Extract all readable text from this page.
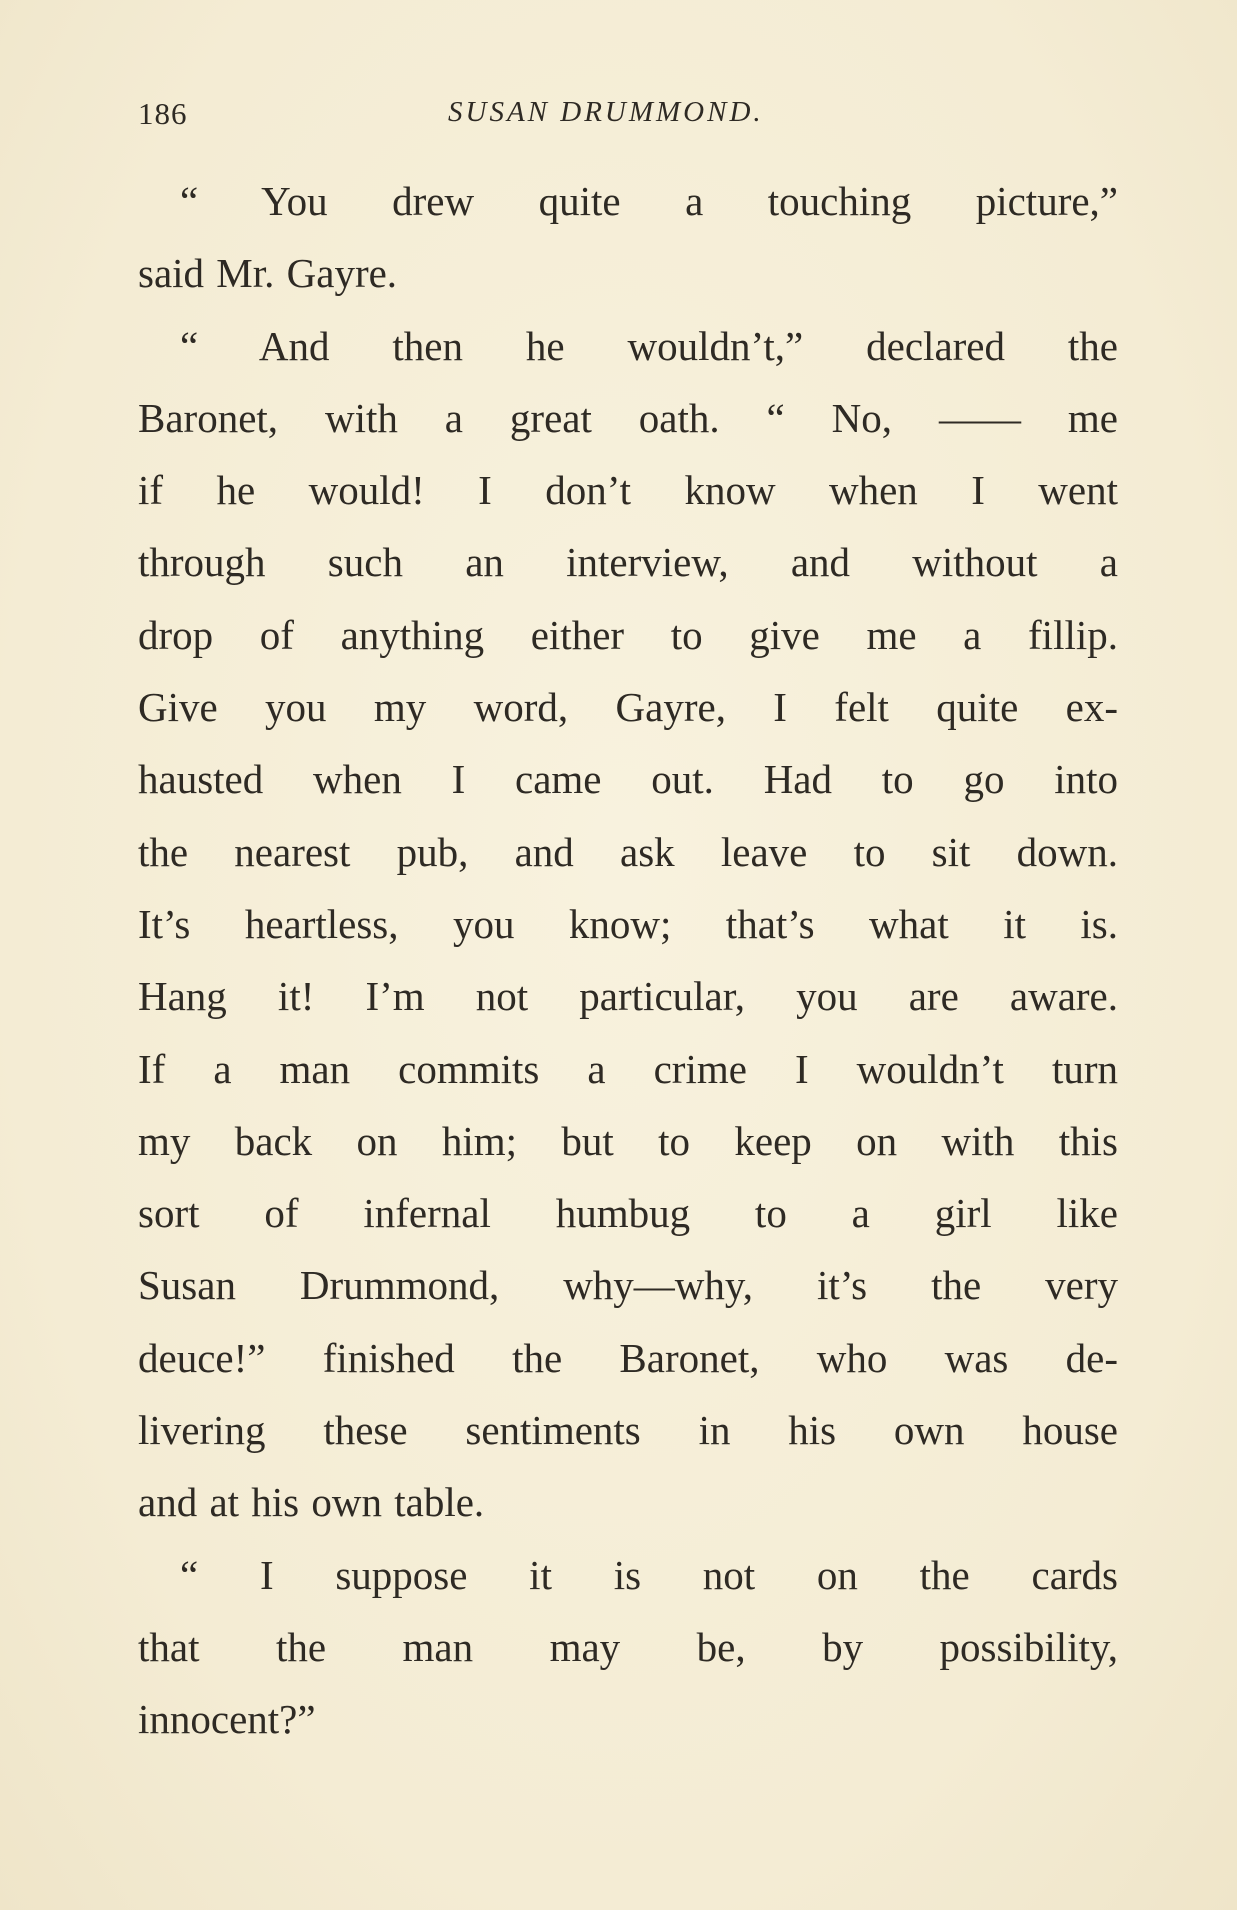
186	SUSAN DRUMMOND.
“ You drew quite a touching picture,”
said Mr. Gayre.
“ And then he wouldn’t,” declared the
Baronet, with a great oath. “ No, —— me
if he would! I don’t know when I went
through such an interview, and without a
drop of anything either to give me a fillip.
Give you my word, Gayre, I felt quite ex-
hausted when I came out. Had to go into
the nearest pub, and ask leave to sit down.
It’s heartless, you know; that’s what it is.
Hang it! I’m not particular, you are aware.
If a man commits a crime I wouldn’t turn
my back on him; but to keep on with this
sort of infernal humbug to a girl like
Susan Drummond, why—why, it’s the very
deuce!” finished the Baronet, who was de-
livering these sentiments in his own house
and at his own table.
“ I suppose it is not on the cards
that the man may be, by possibility,
innocent?”
